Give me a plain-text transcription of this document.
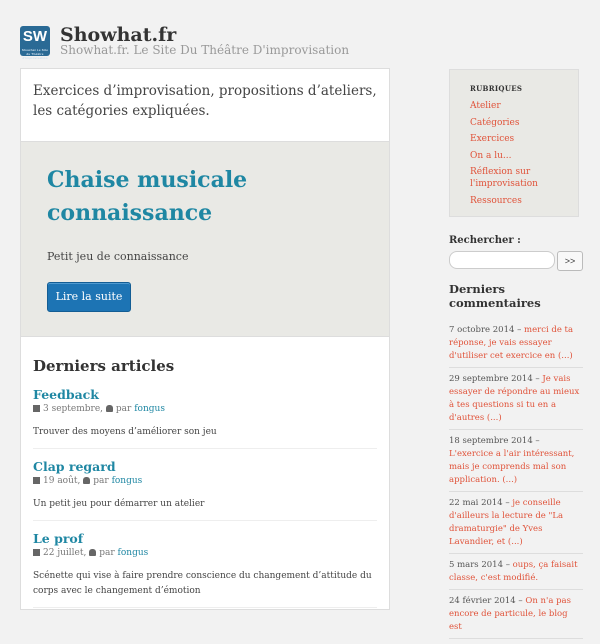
SW
Showhat Le Site du Théâtre d'Improvisation
Showhat.fr
Showhat.fr. Le Site Du Théâtre D'improvisation
Exercices d’improvisation, propositions d’ateliers, les catégories expliquées.
Chaise musicale connaissance
Petit jeu de connaissance
Lire la suite
Derniers articles
Feedback
3 septembre, par fongus
Trouver des moyens d’améliorer son jeu
Clap regard
19 août, par fongus
Un petit jeu pour démarrer un atelier
Le prof
22 juillet, par fongus
Scénette qui vise à faire prendre conscience du changement d’attitude du corps avec le changement d’émotion
RUBRIQUES
Atelier
Catégories
Exercices
On a lu...
Réflexion sur l'improvisation
Ressources
Rechercher :
>>
Derniers commentaires
7 octobre 2014 – merci de ta réponse, je vais essayer d'utiliser cet exercice en (...)
29 septembre 2014 – Je vais essayer de répondre au mieux à tes questions si tu en a d'autres (...)
18 septembre 2014 – L'exercice a l'air intéressant, mais je comprends mal son application. (...)
22 mai 2014 – je conseille d'ailleurs la lecture de "La dramaturgie" de Yves Lavandier, et (...)
5 mars 2014 – oups, ça faisait classe, c'est modifié.
24 février 2014 – On n'a pas encore de particule, le blog est
